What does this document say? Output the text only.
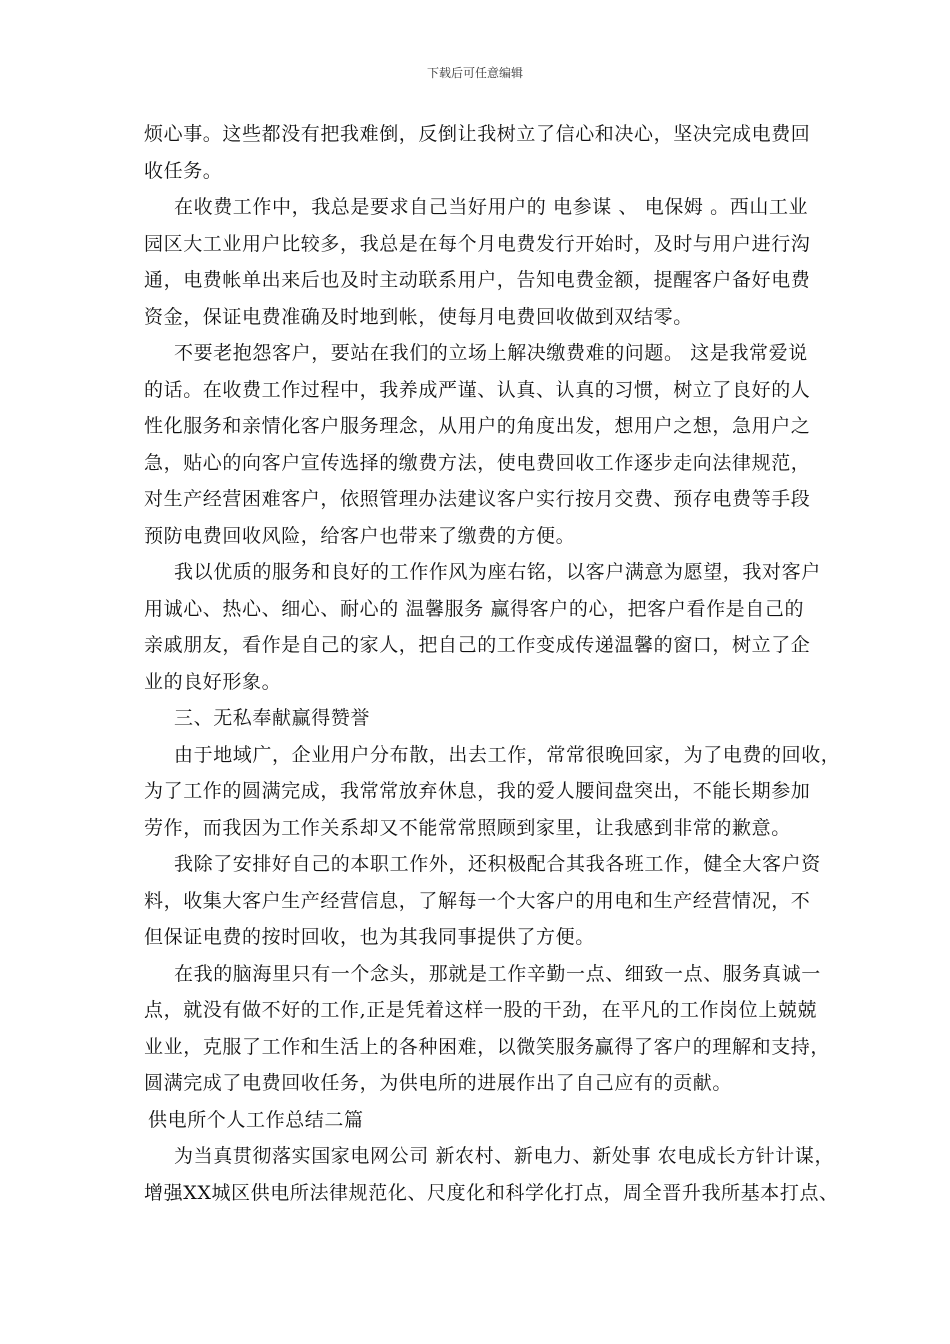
下载后可任意编辑
烦心事。这些都没有把我难倒，反倒让我树立了信心和决心，坚决完成电费回
收任务。
在收费工作中，我总是要求自己当好用户的 电参谋 、 电保姆 。西山工业
园区大工业用户比较多，我总是在每个月电费发行开始时，及时与用户进行沟
通，电费帐单出来后也及时主动联系用户，告知电费金额，提醒客户备好电费
资金，保证电费准确及时地到帐，使每月电费回收做到双结零。
不要老抱怨客户，要站在我们的立场上解决缴费难的问题。 这是我常爱说
的话。在收费工作过程中，我养成严谨、认真、认真的习惯，树立了良好的人
性化服务和亲情化客户服务理念，从用户的角度出发，想用户之想，急用户之
急，贴心的向客户宣传选择的缴费方法，使电费回收工作逐步走向法律规范，
对生产经营困难客户，依照管理办法建议客户实行按月交费、预存电费等手段
预防电费回收风险，给客户也带来了缴费的方便。
我以优质的服务和良好的工作作风为座右铭，以客户满意为愿望，我对客户
用诚心、热心、细心、耐心的 温馨服务 赢得客户的心，把客户看作是自己的
亲戚朋友，看作是自己的家人，把自己的工作变成传递温馨的窗口，树立了企
业的良好形象。
三、无私奉献赢得赞誉
由于地域广，企业用户分布散，出去工作，常常很晚回家，为了电费的回收，
为了工作的圆满完成，我常常放弃休息，我的爱人腰间盘突出，不能长期参加
劳作，而我因为工作关系却又不能常常照顾到家里，让我感到非常的歉意。
我除了安排好自己的本职工作外，还积极配合其我各班工作，健全大客户资
料，收集大客户生产经营信息，了解每一个大客户的用电和生产经营情况，不
但保证电费的按时回收，也为其我同事提供了方便。
在我的脑海里只有一个念头，那就是工作辛勤一点、细致一点、服务真诚一
点，就没有做不好的工作,正是凭着这样一股的干劲，在平凡的工作岗位上兢兢
业业，克服了工作和生活上的各种困难，以微笑服务赢得了客户的理解和支持，
圆满完成了电费回收任务，为供电所的进展作出了自己应有的贡献。
供电所个人工作总结二篇
为当真贯彻落实国家电网公司 新农村、新电力、新处事 农电成长方针计谋，
增强XX城区供电所法律规范化、尺度化和科学化打点，周全晋升我所基本打点、
